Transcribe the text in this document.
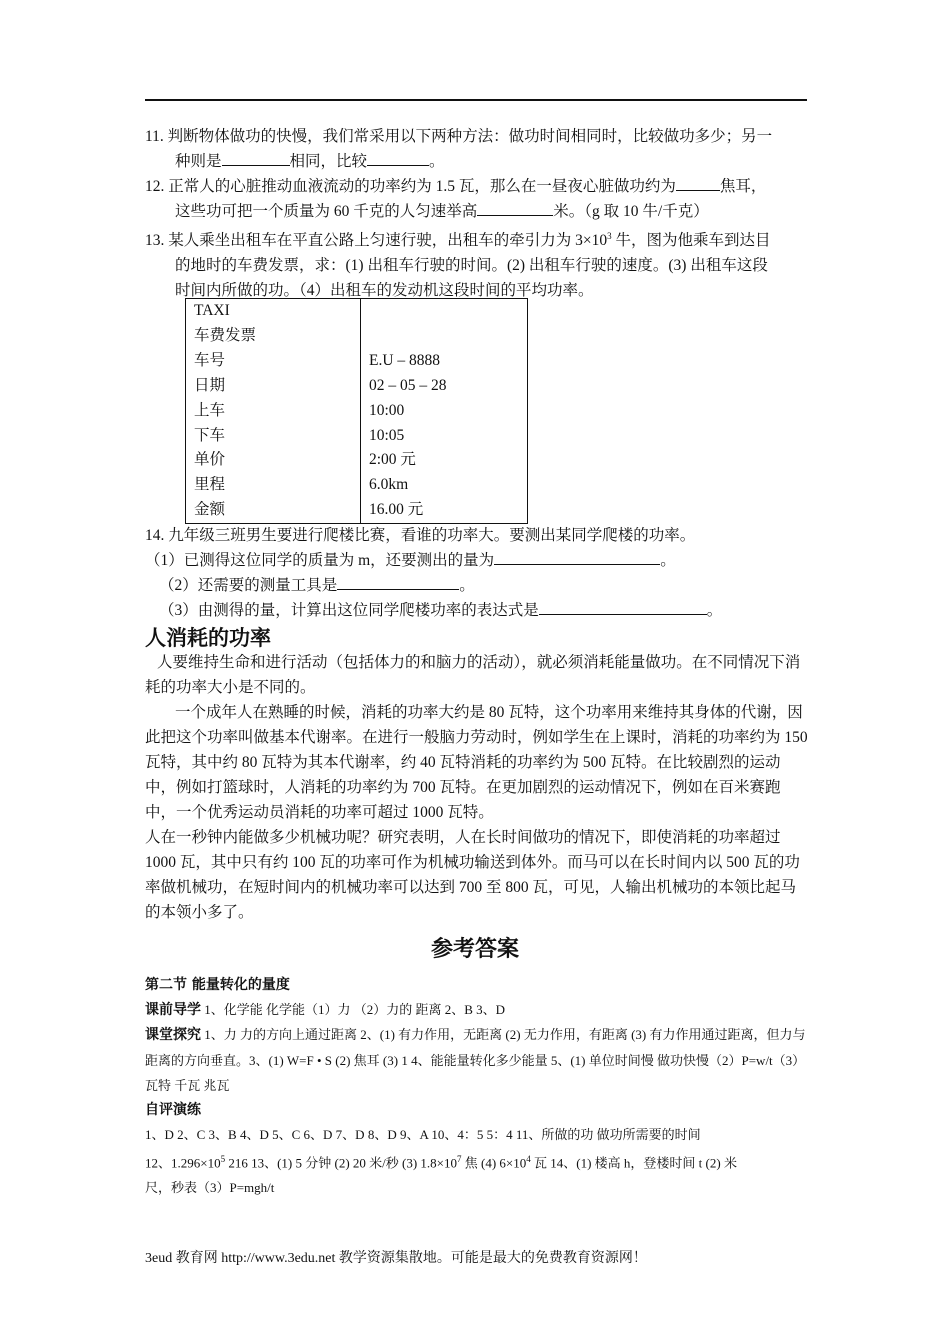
11. 判断物体做功的快慢，我们常采用以下两种方法：做功时间相同时，比较做功多少；另一
种则是	相同，比较	。
12. 正常人的心脏推动血液流动的功率约为 1.5 瓦，那么在一昼夜心脏做功约为	焦耳，
这些功可把一个质量为 60 千克的人匀速举高	米。（g 取 10 牛/千克）
13. 某人乘坐出租车在平直公路上匀速行驶，出租车的牵引力为 $3\times 10^3$ 牛，图为他乘车到达目
的地时的车费发票，求：(1) 出租车行驶的时间。(2) 出租车行驶的速度。(3) 出租车这段
时间内所做的功。（4）出租车的发动机这段时间的平均功率。
TAXI	
车费发票	
车号	E.U – 8888
日期	02 – 05 – 28
上车	10:00
下车	10:05
单价	2:00 元
里程	6.0km
金额	16.00 元
14. 九年级三班男生要进行爬楼比赛，看谁的功率大。要测出某同学爬楼的功率。
（1）已测得这位同学的质量为 m，还要测出的量为	。
（2）还需要的测量工具是	。
（3）由测得的量，计算出这位同学爬楼功率的表达式是	。
人消耗的功率
人要维持生命和进行活动（包括体力的和脑力的活动），就必须消耗能量做功。在不同情况下消耗的功率大小是不同的。
一个成年人在熟睡的时候，消耗的功率大约是 80 瓦特，这个功率用来维持其身体的代谢，因此把这个功率叫做基本代谢率。在进行一般脑力劳动时，例如学生在上课时，消耗的功率约为 150 瓦特，其中约 80 瓦特为其本代谢率，约 40 瓦特消耗的功率约为 500 瓦特。在比较剧烈的运动中，例如打篮球时，人消耗的功率约为 700 瓦特。在更加剧烈的运动情况下，例如在百米赛跑中，一个优秀运动员消耗的功率可超过 1000 瓦特。
人在一秒钟内能做多少机械功呢？研究表明，人在长时间做功的情况下，即使消耗的功率超过 1000 瓦，其中只有约 100 瓦的功率可作为机械功输送到体外。而马可以在长时间内以 500 瓦的功率做机械功，在短时间内的机械功率可以达到 700 至 800 瓦，可见，人输出机械功的本领比起马的本领小多了。
参考答案
第二节 能量转化的量度
课前导学 1、化学能 化学能（1）力 （2）力的 距离 2、B 3、D
课堂探究 1、力 力的方向上通过距离 2、(1) 有力作用，无距离 (2) 无力作用，有距离 (3) 有力作用通过距离，但力与距离的方向垂直。3、(1) W=F • S (2) 焦耳 (3) 1 4、能能量转化多少能量 5、(1) 单位时间慢 做功快慢（2）P=w/t（3）瓦特 千瓦 兆瓦
自评演练
1、D 2、C 3、B 4、D 5、C 6、D 7、D 8、D 9、A 10、4：5 5：4 11、所做的功 做功所需要的时间
12、$1.296\times 10^5$ 216 13、(1) 5 分钟 (2) 20 米/秒 (3) $1.8\times 10^7$ 焦 (4) $6\times 10^4$ 瓦 14、(1) 楼高 h，登楼时间 t (2) 米
尺，秒表（3）P=mgh/t
3eud 教育网 http://www.3edu.net 教学资源集散地。可能是最大的免费教育资源网！
